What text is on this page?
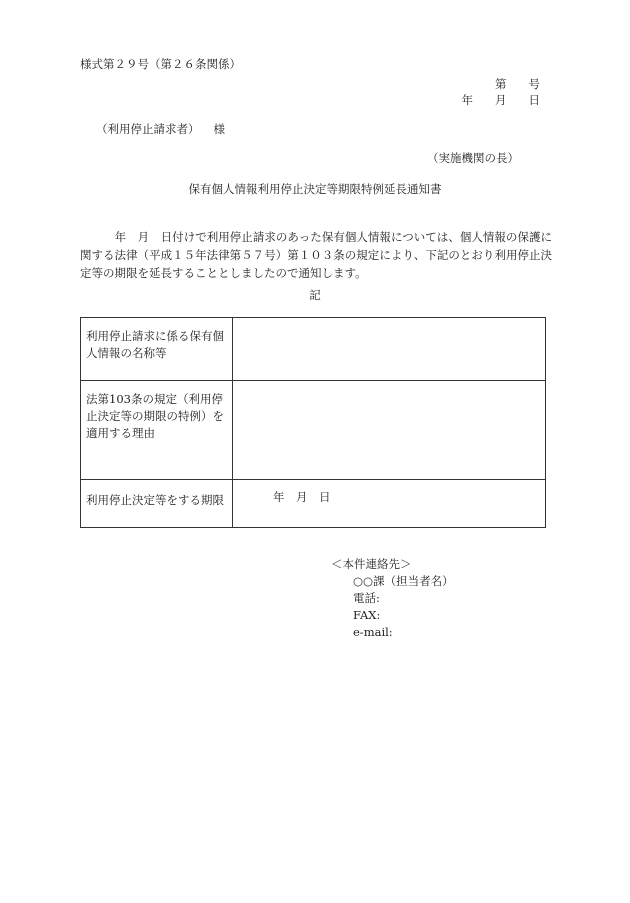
様式第２９号（第２６条関係）
第 号
年 月 日
（利用停止請求者） 様
（実施機関の長）
保有個人情報利用停止決定等期限特例延長通知書
　　　年　月　日付けで利用停止請求のあった保有個人情報については、個人情報の保護に関する法律（平成１５年法律第５７号）第１０３条の規定により、下記のとおり利用停止決定等の期限を延長することとしましたので通知します。
記
利用停止請求に係る保有個人情報の名称等	
法第103条の規定（利用停止決定等の期限の特例）を適用する理由	
利用停止決定等をする期限	年　月　日
＜本件連絡先＞
○○課（担当者名）
電話:
FAX:
e-mail:
